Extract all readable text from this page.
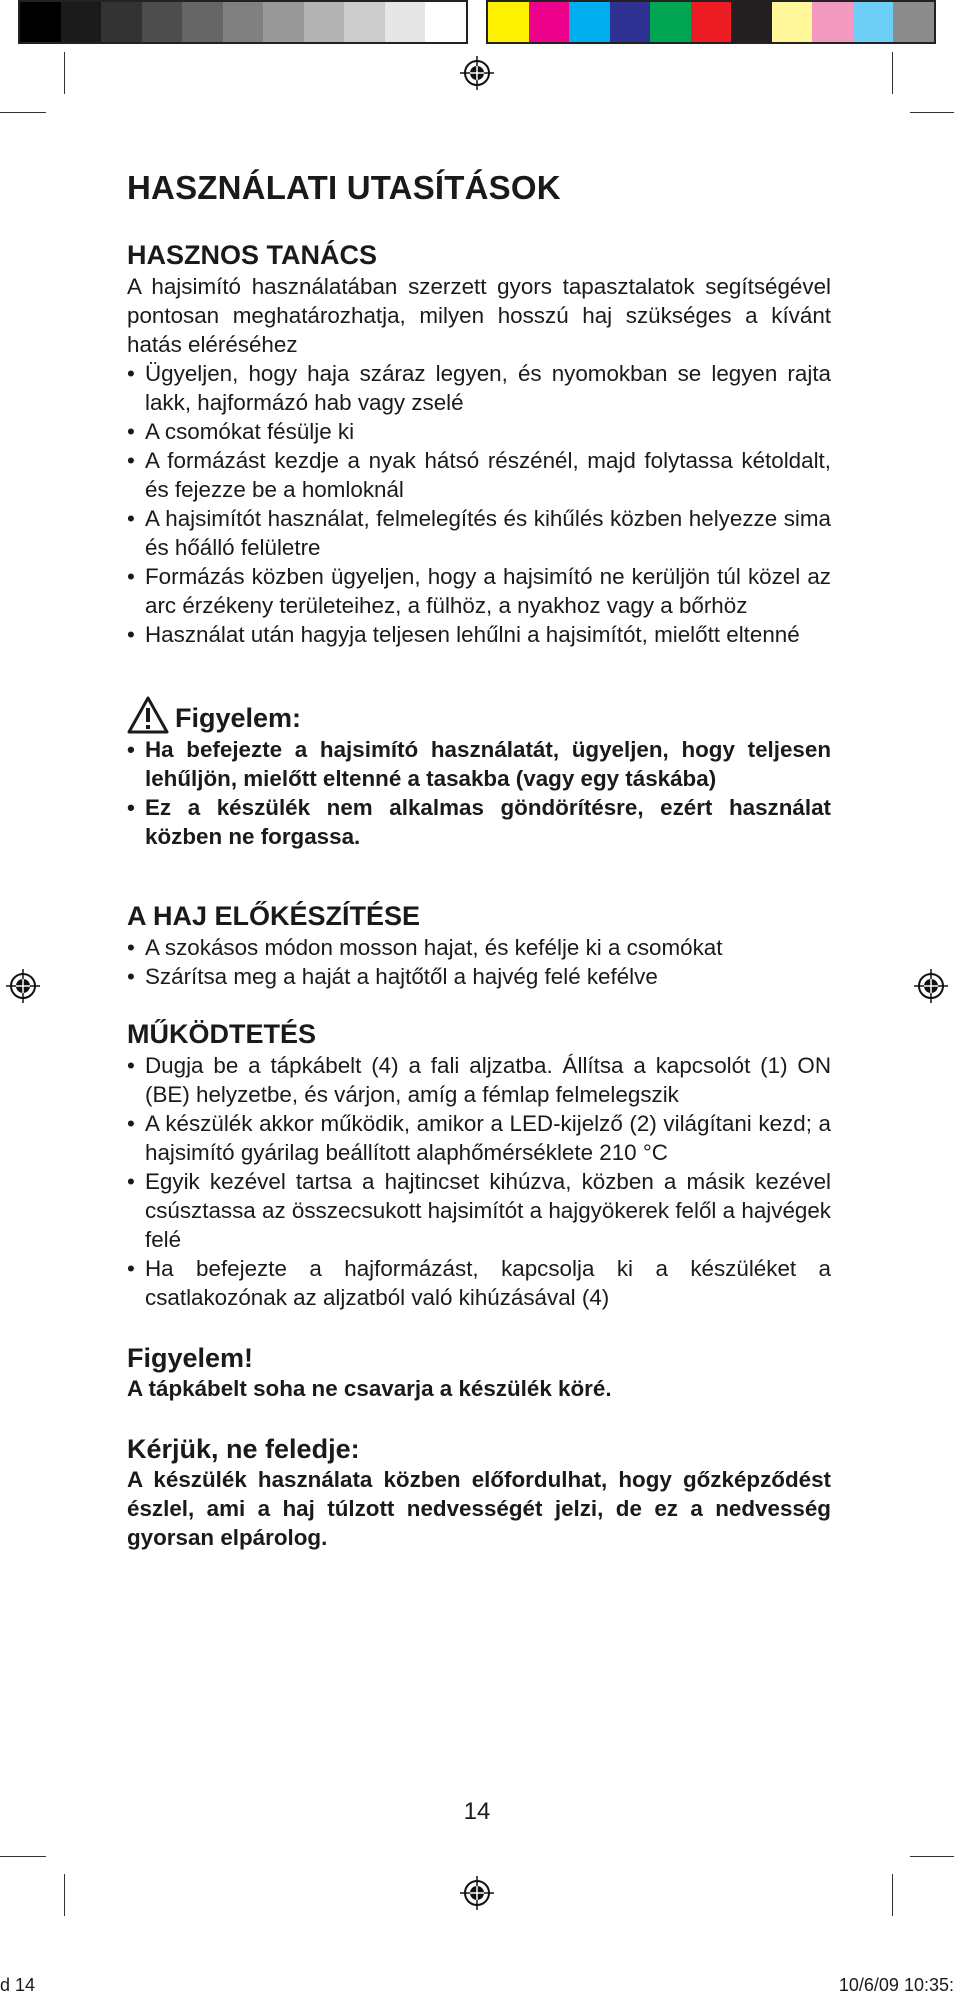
HASZNÁLATI UTASÍTÁSOK
HASZNOS TANÁCS

A hajsimító használatában szerzett gyors tapasztalatok segítségével pontosan meghatározhatja, milyen hosszú haj szükséges a kívánt hatás eléréséhez

• Ügyeljen, hogy haja száraz legyen, és nyomokban se legyen rajta lakk, hajformázó hab vagy zselé
• A csomókat fésülje ki
• A formázást kezdje a nyak hátsó részénél, majd folytassa kétoldalt, és fejezze be a homloknál
• A hajsimítót használat, felmelegítés és kihűlés közben helyezze sima és hőálló felületre
• Formázás közben ügyeljen, hogy a hajsimító ne kerüljön túl közel az arc érzékeny területeihez, a fülhöz, a nyakhoz vagy a bőrhöz
• Használat után hagyja teljesen lehűlni a hajsimítót, mielőtt eltenné
Figyelem:
• Ha befejezte a hajsimító használatát, ügyeljen, hogy teljesen lehűljön, mielőtt eltenné a tasakba (vagy egy táskába)
• Ez a készülék nem alkalmas göndörítésre, ezért használat közben ne forgassa.
A HAJ ELŐKÉSZÍTÉSE
• A szokásos módon mosson hajat, és kefélje ki a csomókat
• Szárítsa meg a haját a hajtőtől a hajvég felé kefélve
MŰKÖDTETÉS
• Dugja be a tápkábelt (4) a fali aljzatba. Állítsa a kapcsolót (1) ON (BE) helyzetbe, és várjon, amíg a fémlap felmelegszik
• A készülék akkor működik, amikor a LED-kijelző (2) világítani kezd; a hajsimító gyárilag beállított alaphőmérséklete 210 °C
• Egyik kezével tartsa a hajtincset kihúzva, közben a másik kezével csúsztassa az összecsukott hajsimítót a hajgyökerek felől a hajvégek felé
• Ha befejezte a hajformázást, kapcsolja ki a készüléket a csatlakozónak az aljzatból való kihúzásával (4)
Figyelem!

A tápkábelt soha ne csavarja a készülék köré.

Kérjük, ne feledje:

A készülék használata közben előfordulhat, hogy gőzképződést észlel, ami a haj túlzott nedvességét jelzi, de ez a nedvesség gyorsan elpárolog.

14
d 14	10/6/09 10:35:
